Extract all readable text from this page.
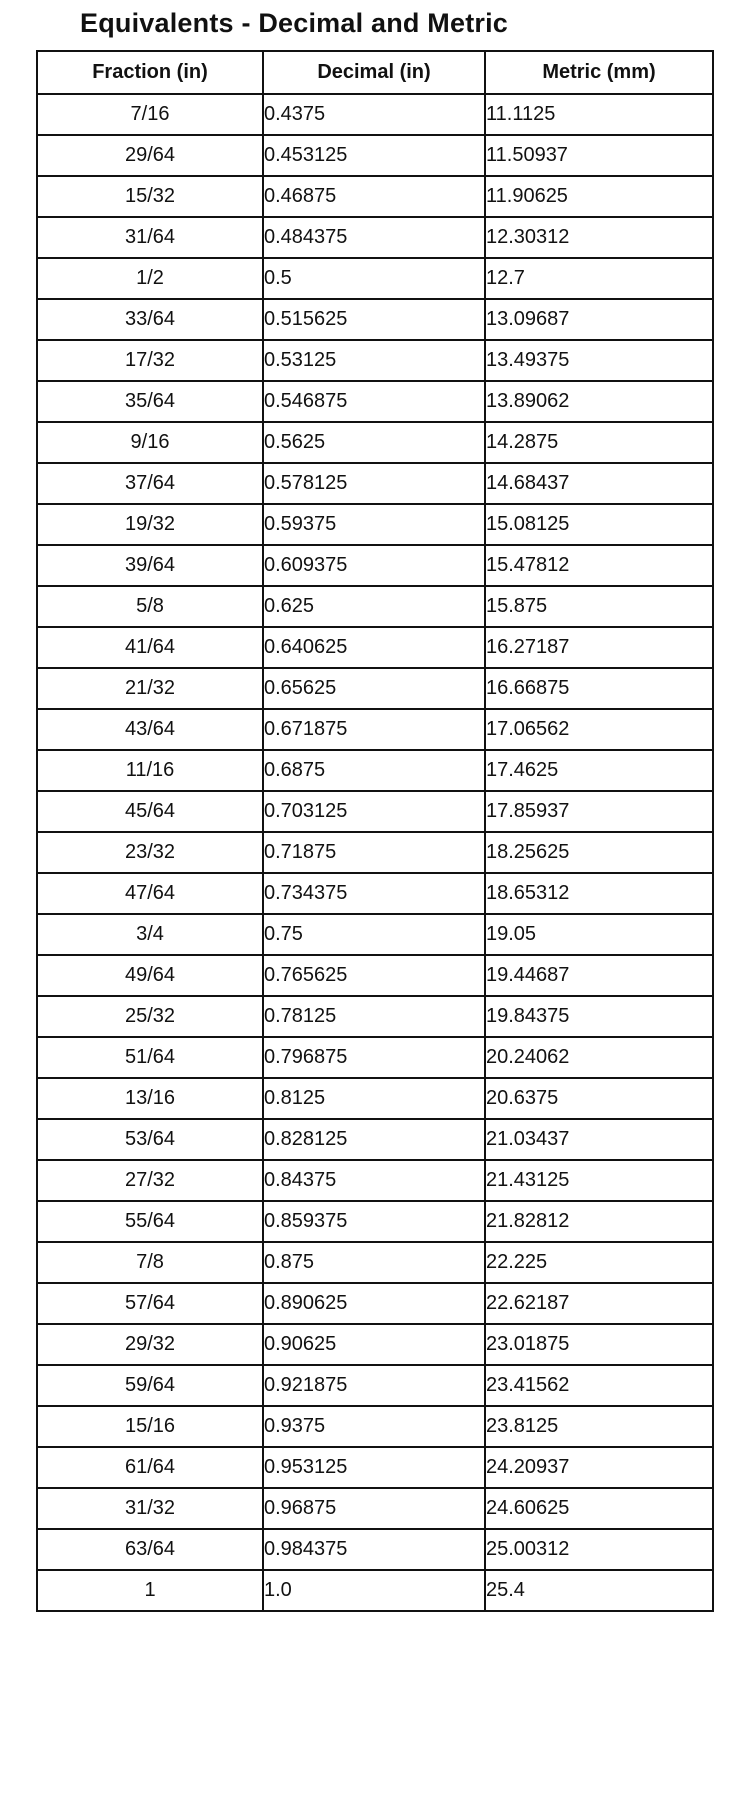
Equivalents - Decimal and Metric
Fraction (in)	Decimal (in)	Metric (mm)
7/16	0.4375	11.1125
29/64	0.453125	11.50937
15/32	0.46875	11.90625
31/64	0.484375	12.30312
1/2	0.5	12.7
33/64	0.515625	13.09687
17/32	0.53125	13.49375
35/64	0.546875	13.89062
9/16	0.5625	14.2875
37/64	0.578125	14.68437
19/32	0.59375	15.08125
39/64	0.609375	15.47812
5/8	0.625	15.875
41/64	0.640625	16.27187
21/32	0.65625	16.66875
43/64	0.671875	17.06562
11/16	0.6875	17.4625
45/64	0.703125	17.85937
23/32	0.71875	18.25625
47/64	0.734375	18.65312
3/4	0.75	19.05
49/64	0.765625	19.44687
25/32	0.78125	19.84375
51/64	0.796875	20.24062
13/16	0.8125	20.6375
53/64	0.828125	21.03437
27/32	0.84375	21.43125
55/64	0.859375	21.82812
7/8	0.875	22.225
57/64	0.890625	22.62187
29/32	0.90625	23.01875
59/64	0.921875	23.41562
15/16	0.9375	23.8125
61/64	0.953125	24.20937
31/32	0.96875	24.60625
63/64	0.984375	25.00312
1	1.0	25.4
